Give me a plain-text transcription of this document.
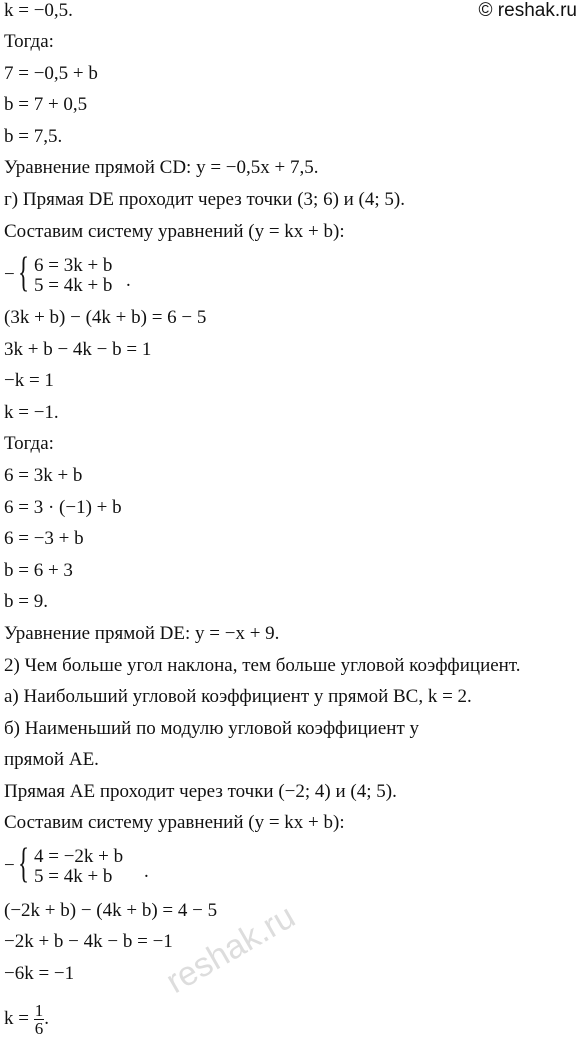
© reshak.ru
k = −0,5.
Тогда:
7 = −0,5 + b
b = 7 + 0,5
b = 7,5.
Уравнение прямой CD: y = −0,5x + 7,5.
г) Прямая DE проходит через точки (3; 6) и (4; 5).
Составим систему уравнений (y = kx + b):
− { 6 = 3k + b
5 = 4k + b .
(3k + b) − (4k + b) = 6 − 5
3k + b − 4k − b = 1
−k = 1
k = −1.
Тогда:
6 = 3k + b
6 = 3 · (−1) + b
6 = −3 + b
b = 6 + 3
b = 9.
Уравнение прямой DE: y = −x + 9.
2) Чем больше угол наклона, тем больше угловой коэффициент.
а) Наибольший угловой коэффициент у прямой BC, k = 2.
б) Наименьший по модулю угловой коэффициент у
прямой AE.
Прямая AE проходит через точки (−2; 4) и (4; 5).
Составим систему уравнений (y = kx + b):
− { 4 = −2k + b
5 = 4k + b .
(−2k + b) − (4k + b) = 4 − 5
−2k + b − 4k − b = −1
−6k = −1
$k = \frac{1}{6}$ .
reshak.ru
